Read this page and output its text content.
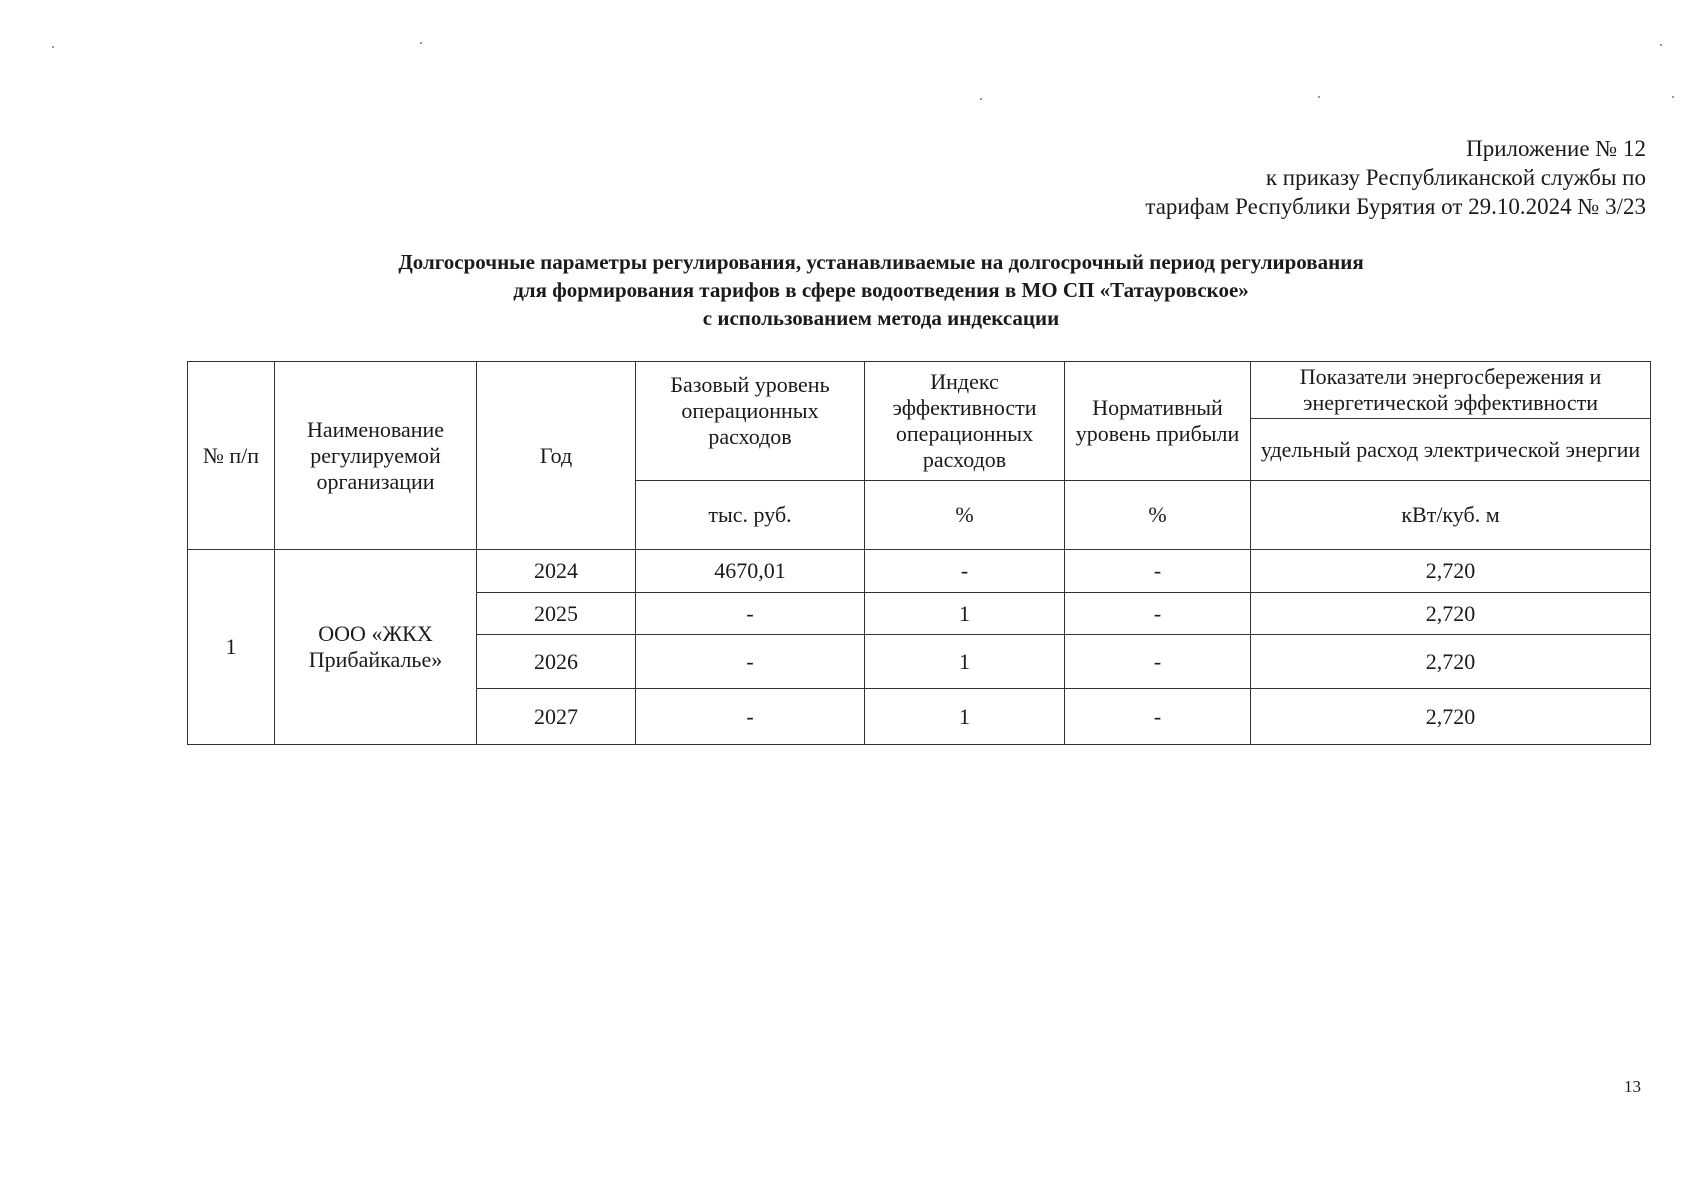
Приложение № 12
к приказу Республиканской службы по
тарифам Республики Бурятия от 29.10.2024 № 3/23
Долгосрочные параметры регулирования, устанавливаемые на долгосрочный период регулирования
для формирования тарифов в сфере водоотведения в МО СП «Татауровское»
с использованием метода индексации
№ п/п	Наименование регулируемой организации	Год	Базовый уровень операционных расходов	Индекс эффективности операционных расходов	Нормативный уровень прибыли	Показатели энергосбережения и энергетической эффективности
						удельный расход электрической энергии
			тыс. руб.	%	%	кВт/куб. м
1	ООО «ЖКХ Прибайкалье»	2024	4670,01	-	-	2,720
		2025	-	1	-	2,720
		2026	-	1	-	2,720
		2027	-	1	-	2,720
13
